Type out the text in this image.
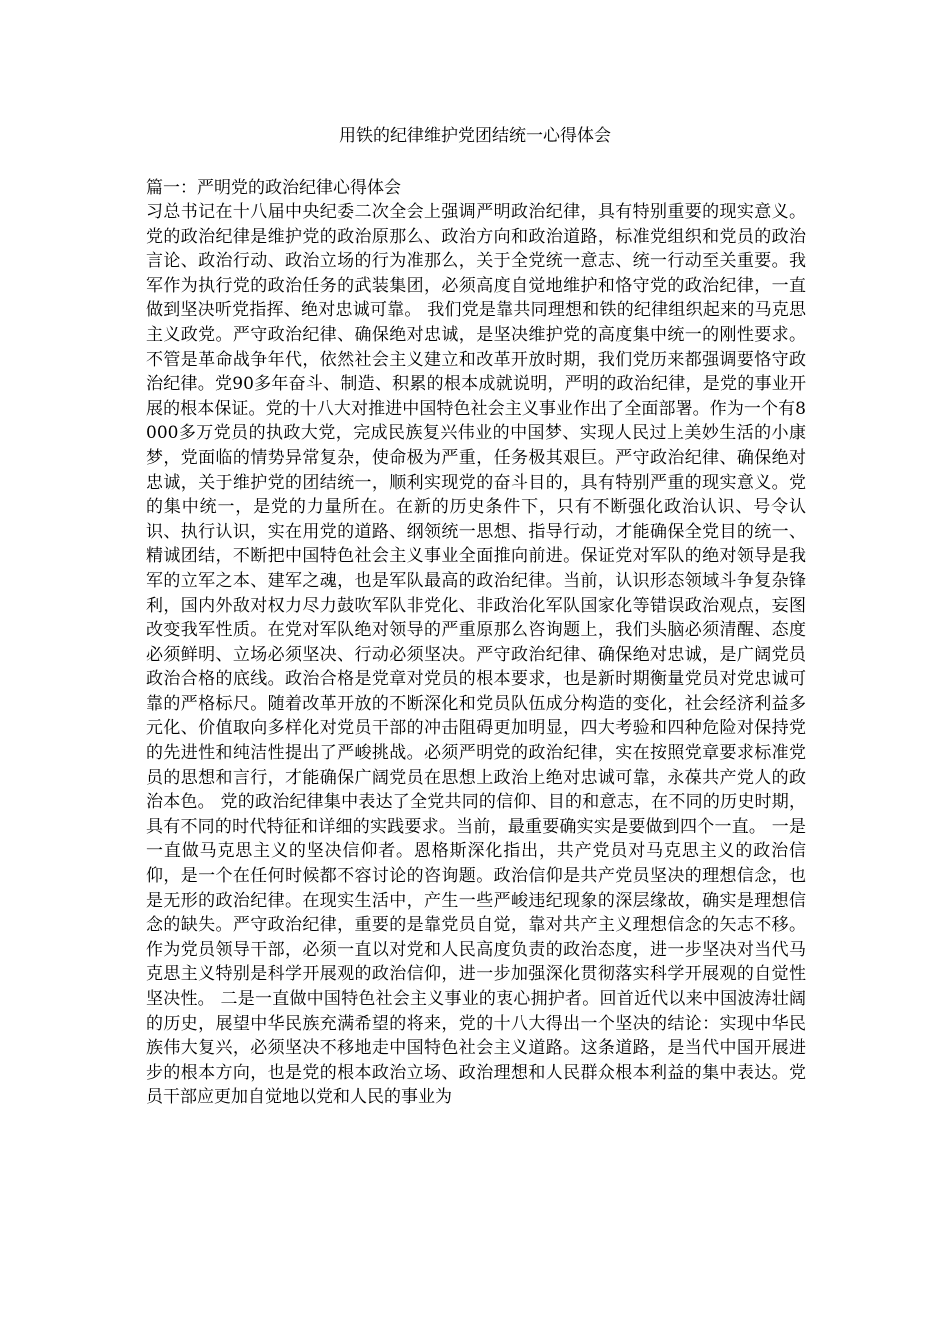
用铁的纪律维护党团结统一心得体会
篇一：严明党的政治纪律心得体会

习总书记在十八届中央纪委二次全会上强调严明政治纪律，具有特别重要的现实意义。党的政治纪律是维护党的政治原那么、政治方向和政治道路，标准党组织和党员的政治言论、政治行动、政治立场的行为准那么，关于全党统一意志、统一行动至关重要。我军作为执行党的政治任务的武装集团，必须高度自觉地维护和恪守党的政治纪律，一直做到坚决听党指挥、绝对忠诚可靠。 我们党是靠共同理想和铁的纪律组织起来的马克思主义政党。严守政治纪律、确保绝对忠诚，是坚决维护党的高度集中统一的刚性要求。不管是革命战争年代，依然社会主义建立和改革开放时期，我们党历来都强调要恪守政治纪律。党90多年奋斗、制造、积累的根本成就说明，严明的政治纪律，是党的事业开展的根本保证。党的十八大对推进中国特色社会主义事业作出了全面部署。作为一个有8000多万党员的执政大党，完成民族复兴伟业的中国梦、实现人民过上美妙生活的小康梦，党面临的情势异常复杂，使命极为严重，任务极其艰巨。严守政治纪律、确保绝对忠诚，关于维护党的团结统一，顺利实现党的奋斗目的，具有特别严重的现实意义。党的集中统一，是党的力量所在。在新的历史条件下，只有不断强化政治认识、号令认识、执行认识，实在用党的道路、纲领统一思想、指导行动，才能确保全党目的统一、精诚团结，不断把中国特色社会主义事业全面推向前进。保证党对军队的绝对领导是我军的立军之本、建军之魂，也是军队最高的政治纪律。当前，认识形态领域斗争复杂锋利，国内外敌对权力尽力鼓吹军队非党化、非政治化军队国家化等错误政治观点，妄图改变我军性质。在党对军队绝对领导的严重原那么咨询题上，我们头脑必须清醒、态度必须鲜明、立场必须坚决、行动必须坚决。严守政治纪律、确保绝对忠诚，是广阔党员政治合格的底线。政治合格是党章对党员的根本要求，也是新时期衡量党员对党忠诚可靠的严格标尺。随着改革开放的不断深化和党员队伍成分构造的变化，社会经济利益多元化、价值取向多样化对党员干部的冲击阻碍更加明显，四大考验和四种危险对保持党的先进性和纯洁性提出了严峻挑战。必须严明党的政治纪律，实在按照党章要求标准党员的思想和言行，才能确保广阔党员在思想上政治上绝对忠诚可靠，永葆共产党人的政治本色。 党的政治纪律集中表达了全党共同的信仰、目的和意志，在不同的历史时期，具有不同的时代特征和详细的实践要求。当前，最重要确实实是要做到四个一直。 一是一直做马克思主义的坚决信仰者。恩格斯深化指出，共产党员对马克思主义的政治信仰，是一个在任何时候都不容讨论的咨询题。政治信仰是共产党员坚决的理想信念，也是无形的政治纪律。在现实生活中，产生一些严峻违纪现象的深层缘故，确实是理想信念的缺失。严守政治纪律，重要的是靠党员自觉，靠对共产主义理想信念的矢志不移。作为党员领导干部，必须一直以对党和人民高度负责的政治态度，进一步坚决对当代马克思主义特别是科学开展观的政治信仰，进一步加强深化贯彻落实科学开展观的自觉性坚决性。 二是一直做中国特色社会主义事业的衷心拥护者。回首近代以来中国波涛壮阔的历史，展望中华民族充满希望的将来，党的十八大得出一个坚决的结论：实现中华民族伟大复兴，必须坚决不移地走中国特色社会主义道路。这条道路，是当代中国开展进步的根本方向，也是党的根本政治立场、政治理想和人民群众根本利益的集中表达。党员干部应更加自觉地以党和人民的事业为
